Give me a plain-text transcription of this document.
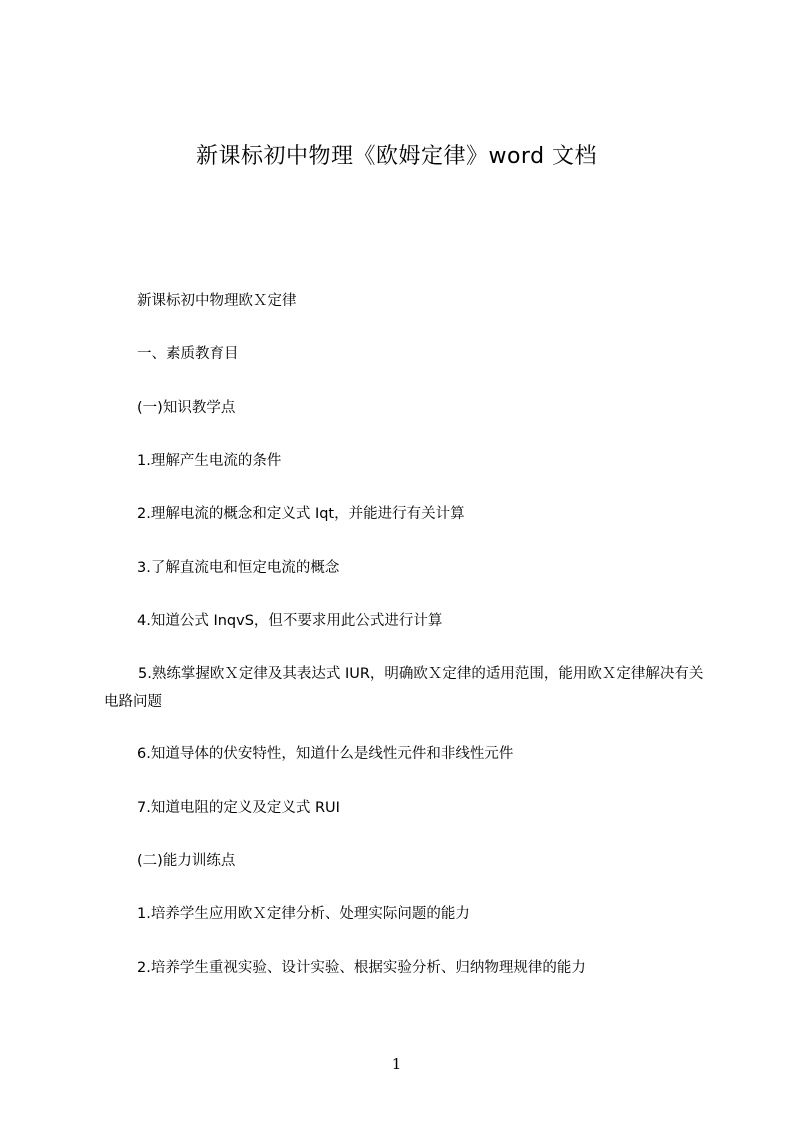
新课标初中物理《欧姆定律》word 文档

新课标初中物理欧Ｘ定律

一、素质教育目

(一)知识教学点

1.理解产生电流的条件

2.理解电流的概念和定义式 Iqt，并能进行有关计算

3.了解直流电和恒定电流的概念

4.知道公式 InqvS，但不要求用此公式进行计算

5.熟练掌握欧Ｘ定律及其表达式 IUR，明确欧Ｘ定律的适用范围，能用欧Ｘ定律解决有关电路问题

6.知道导体的伏安特性，知道什么是线性元件和非线性元件

7.知道电阻的定义及定义式 RUI

(二)能力训练点

1.培养学生应用欧Ｘ定律分析、处理实际问题的能力

2.培养学生重视实验、设计实验、根据实验分析、归纳物理规律的能力

1
